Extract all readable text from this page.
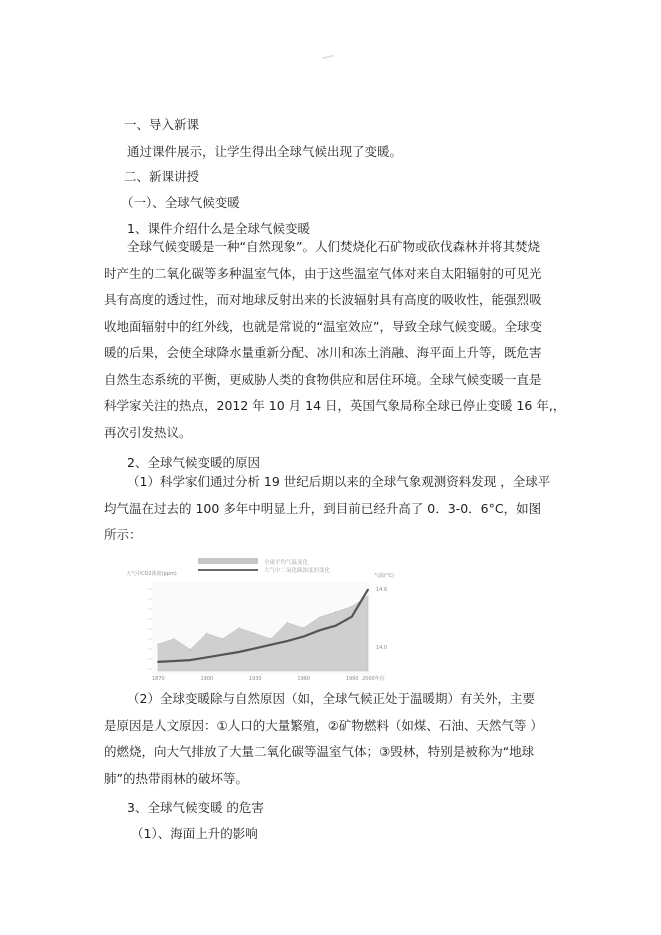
一、导入新课
通过课件展示，让学生得出全球气候出现了变暖。
二、新课讲授
（一）、全球气候变暖
1、课件介绍什么是全球气候变暖
全球气候变暖是一种“自然现象”。人们焚烧化石矿物或砍伐森林并将其焚烧
时产生的二氧化碳等多种温室气体，由于这些温室气体对来自太阳辐射的可见光
具有高度的透过性，而对地球反射出来的长波辐射具有高度的吸收性，能强烈吸
收地面辐射中的红外线，也就是常说的“温室效应”，导致全球气候变暖。全球变
暖的后果，会使全球降水量重新分配、冰川和冻土消融、海平面上升等，既危害
自然生态系统的平衡，更威胁人类的食物供应和居住环境。全球气候变暖一直是
科学家关注的热点，2012 年 10 月 14 日，英国气象局称全球已停止变暖 16 年,，
再次引发热议。
2、全球气候变暖的原因
（1）科学家们通过分析 19 世纪后期以来的全球气象观测资料发现 ，全球平
均气温在过去的 100 多年中明显上升，到目前已经升高了 0．3-0．6°C，如图
所示：
全球平均气温变化
大气中二氧化碳浓度的变化
大气中CO2浓度(ppm)	气温(°C)
1870	1900	1930	1960	1990 2000年份
14.6
14.0
（2）全球变暖除与自然原因（如，全球气候正处于温暖期）有关外，主要
是原因是人文原因：①人口的大量繁殖，②矿物燃料（如煤、石油、天然气等 ）
的燃烧，向大气排放了大量二氧化碳等温室气体；③毁林，特别是被称为“地球
肺”的热带雨林的破坏等。
3、全球气候变暖 的危害
（1）、海面上升的影响
